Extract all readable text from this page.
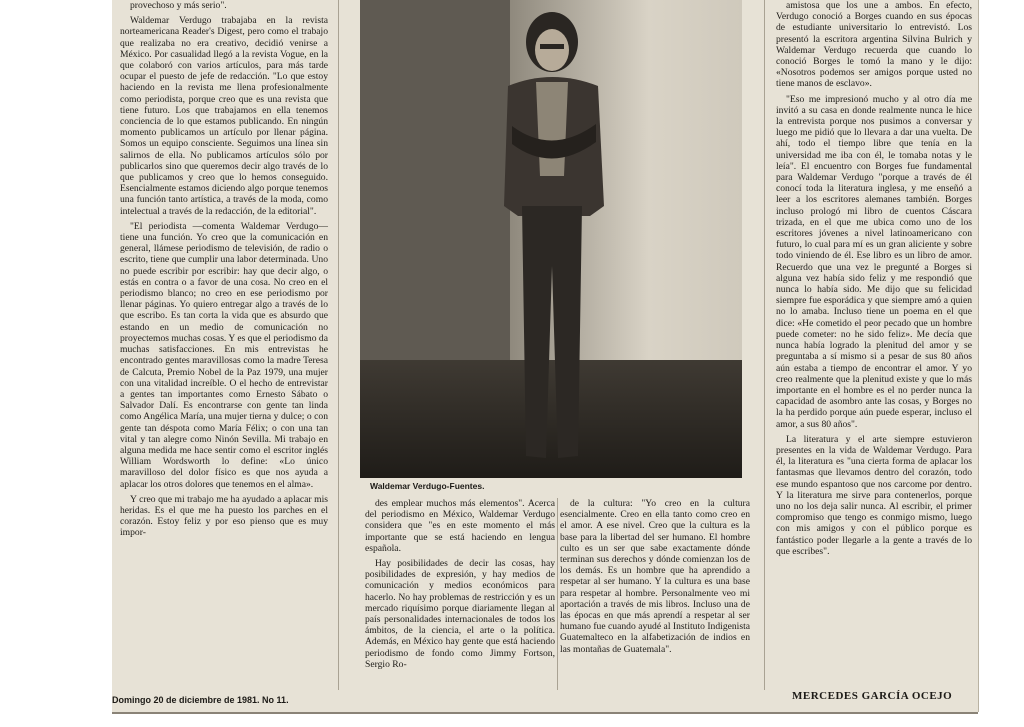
provechoso y más serio".

Waldemar Verdugo trabajaba en la revista norteamericana Reader's Digest, pero como el trabajo que realizaba no era creativo, decidió venirse a México. Por casualidad llegó a la revista Vogue, en la que colaboró con varios artículos, para más tarde ocupar el puesto de jefe de redacción. "Lo que estoy haciendo en la revista me llena profesionalmente como periodista, porque creo que es una revista que tiene futuro. Los que trabajamos en ella tenemos conciencia de lo que estamos publicando. En ningún momento publicamos un artículo por llenar página. Somos un equipo consciente. Seguimos una línea sin salirnos de ella. No publicamos artículos sólo por publicarlos sino que queremos decir algo través de lo que publicamos y creo que lo hemos conseguido. Esencialmente estamos diciendo algo porque tenemos una función tanto artística, a través de la moda, como intelectual a través de la redacción, de la editorial".

"El periodista —comenta Waldemar Verdugo— tiene una función. Yo creo que la comunicación en general, llámese periodismo de televisión, de radio o escrito, tiene que cumplir una labor determinada. Uno no puede escribir por escribir: hay que decir algo, o estás en contra o a favor de una cosa. No creo en el periodismo blanco; no creo en ese periodismo por llenar páginas. Yo quiero entregar algo a través de lo que escribo. Es tan corta la vida que es absurdo que estando en un medio de comunicación no proyectemos muchas cosas. Y es que el periodismo da muchas satisfacciones. En mis entrevistas he encontrado gentes maravillosas como la madre Teresa de Calcuta, Premio Nobel de la Paz 1979, una mujer con una vitalidad increíble. O el hecho de entrevistar a gentes tan importantes como Ernesto Sábato o Salvador Dalí. Es encontrarse con gente tan linda como Angélica María, una mujer tierna y dulce; o con gente tan déspota como María Félix; o con una tan vital y tan alegre como Ninón Sevilla. Mi trabajo en alguna medida me hace sentir como el escritor inglés William Wordsworth lo define: «Lo único maravilloso del dolor físico es que nos ayuda a aplacar los otros dolores que tenemos en el alma».

Y creo que mi trabajo me ha ayudado a aplacar mis heridas. Es el que me ha puesto los parches en el corazón. Estoy feliz y por eso pienso que es muy impor-

Waldemar Verdugo-Fuentes.

des emplear muchos más elementos". Acerca del periodismo en México, Waldemar Verdugo considera que "es en este momento el más importante que se está haciendo en lengua española.

Hay posibilidades de decir las cosas, hay posibilidades de expresión, y hay medios de comunicación y medios económicos para hacerlo. No hay problemas de restricción y es un mercado riquísimo porque diariamente llegan al país personalidades internacionales de todos los ámbitos, de la ciencia, el arte o la política. Además, en México hay gente que está haciendo periodismo de fondo como Jimmy Fortson, Sergio Ro-

de la cultura: "Yo creo en la cultura esencialmente. Creo en ella tanto como creo en el amor. A ese nivel. Creo que la cultura es la base para la libertad del ser humano. El hombre culto es un ser que sabe exactamente dónde terminan sus derechos y dónde comienzan los de los demás. Es un hombre que ha aprendido a respetar al ser humano. Y la cultura es una base para respetar al hombre. Personalmente veo mi aportación a través de mis libros. Incluso una de las épocas en que más aprendí a respetar al ser humano fue cuando ayudé al Instituto Indigenista Guatemalteco en la alfabetización de indios en las montañas de Guatemala".

amistosa que los une a ambos. En efecto, Verdugo conoció a Borges cuando en sus épocas de estudiante universitario lo entrevistó. Los presentó la escritora argentina Silvina Bulrich y Waldemar Verdugo recuerda que cuando lo conoció Borges le tomó la mano y le dijo: «Nosotros podemos ser amigos porque usted no tiene manos de esclavo».

"Eso me impresionó mucho y al otro día me invitó a su casa en donde realmente nunca le hice la entrevista porque nos pusimos a conversar y luego me pidió que lo llevara a dar una vuelta. De ahí, todo el tiempo libre que tenía en la universidad me iba con él, le tomaba notas y le leía". El encuentro con Borges fue fundamental para Waldemar Verdugo "porque a través de él conocí toda la literatura inglesa, y me enseñó a leer a los escritores alemanes también. Borges incluso prologó mi libro de cuentos Cáscara trizada, en el que me ubica como uno de los escritores jóvenes a nivel latinoamericano con futuro, lo cual para mí es un gran aliciente y sobre todo viniendo de él. Ese libro es un libro de amor. Recuerdo que una vez le pregunté a Borges si alguna vez había sido feliz y me respondió que nunca lo había sido. Me dijo que su felicidad siempre fue esporádica y que siempre amó a quien no lo amaba. Incluso tiene un poema en el que dice: «He cometido el peor pecado que un hombre puede cometer: no he sido feliz». Me decía que nunca había logrado la plenitud del amor y se preguntaba a sí mismo si a pesar de sus 80 años aún estaba a tiempo de encontrar el amor. Y yo creo realmente que la plenitud existe y que lo más importante en el hombre es el no perder nunca la capacidad de asombro ante las cosas, y Borges no la ha perdido porque aún puede esperar, incluso el amor, a sus 80 años".

La literatura y el arte siempre estuvieron presentes en la vida de Waldemar Verdugo. Para él, la literatura es "una cierta forma de aplacar los fantasmas que llevamos dentro del corazón, todo ese mundo espantoso que nos carcome por dentro. Y la literatura me sirve para contenerlos, porque uno no los deja salir nunca. Al escribir, el primer compromiso que tengo es conmigo mismo, luego con mis amigos y con el público porque es fantástico poder llegarle a la gente a través de lo que escribes".

MERCEDES GARCÍA OCEJO
Domingo 20 de diciembre de 1981. No 11.
